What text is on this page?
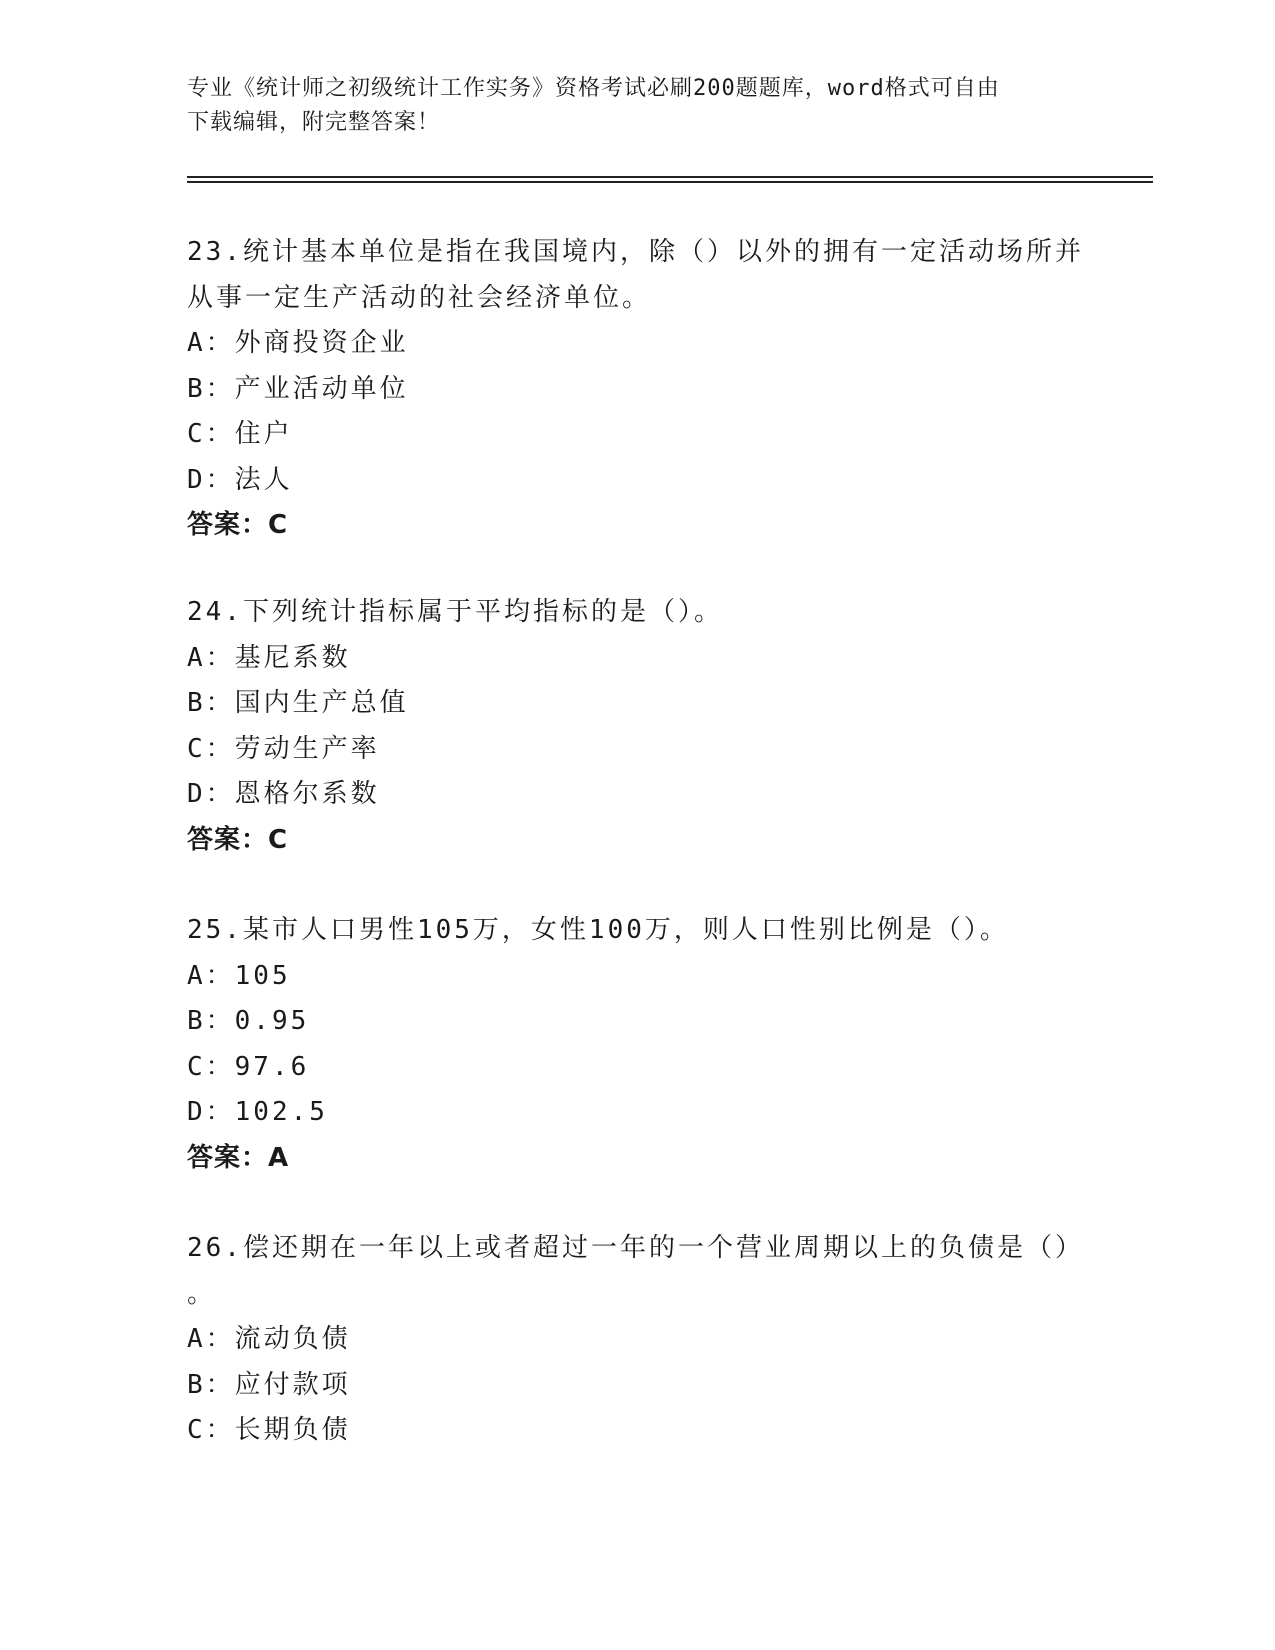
专业《统计师之初级统计工作实务》资格考试必刷200题题库，word格式可自由
下载编辑，附完整答案！
23.统计基本单位是指在我国境内，除（）以外的拥有一定活动场所并
从事一定生产活动的社会经济单位。
A：外商投资企业
B：产业活动单位
C：住户
D：法人
答案：C
24.下列统计指标属于平均指标的是（）。
A：基尼系数
B：国内生产总值
C：劳动生产率
D：恩格尔系数
答案：C
25.某市人口男性105万，女性100万，则人口性别比例是（）。
A：105
B：0.95
C：97.6
D：102.5
答案：A
26.偿还期在一年以上或者超过一年的一个营业周期以上的负债是（）
。
A：流动负债
B：应付款项
C：长期负债
